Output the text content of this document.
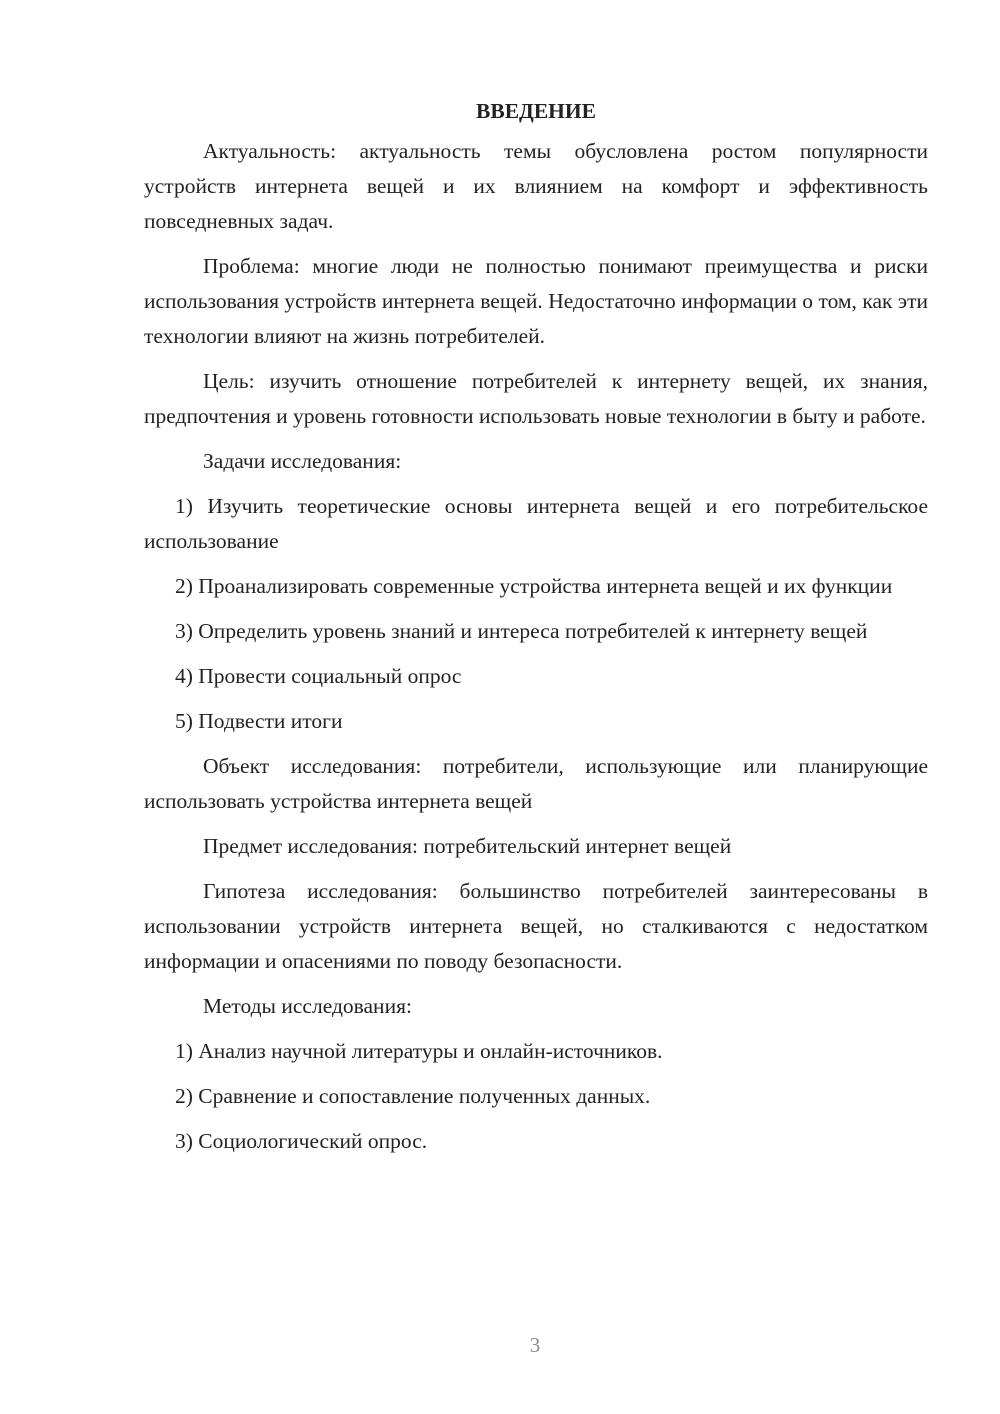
ВВЕДЕНИЕ

Актуальность: актуальность темы обусловлена ростом популярности устройств интернета вещей и их влиянием на комфорт и эффективность повседневных задач.

Проблема: многие люди не полностью понимают преимущества и риски использования устройств интернета вещей. Недостаточно информации о том, как эти технологии влияют на жизнь потребителей.

Цель: изучить отношение потребителей к интернету вещей, их знания, предпочтения и уровень готовности использовать новые технологии в быту и работе.

Задачи исследования:

1) Изучить теоретические основы интернета вещей и его потребительское использование

2) Проанализировать современные устройства интернета вещей и их функции

3) Определить уровень знаний и интереса потребителей к интернету вещей

4) Провести социальный опрос

5) Подвести итоги

Объект исследования: потребители, использующие или планирующие использовать устройства интернета вещей

Предмет исследования: потребительский интернет вещей

Гипотеза исследования: большинство потребителей заинтересованы в использовании устройств интернета вещей, но сталкиваются с недостатком информации и опасениями по поводу безопасности.

Методы исследования:

1) Анализ научной литературы и онлайн-источников.

2) Сравнение и сопоставление полученных данных.

3) Социологический опрос.

3
